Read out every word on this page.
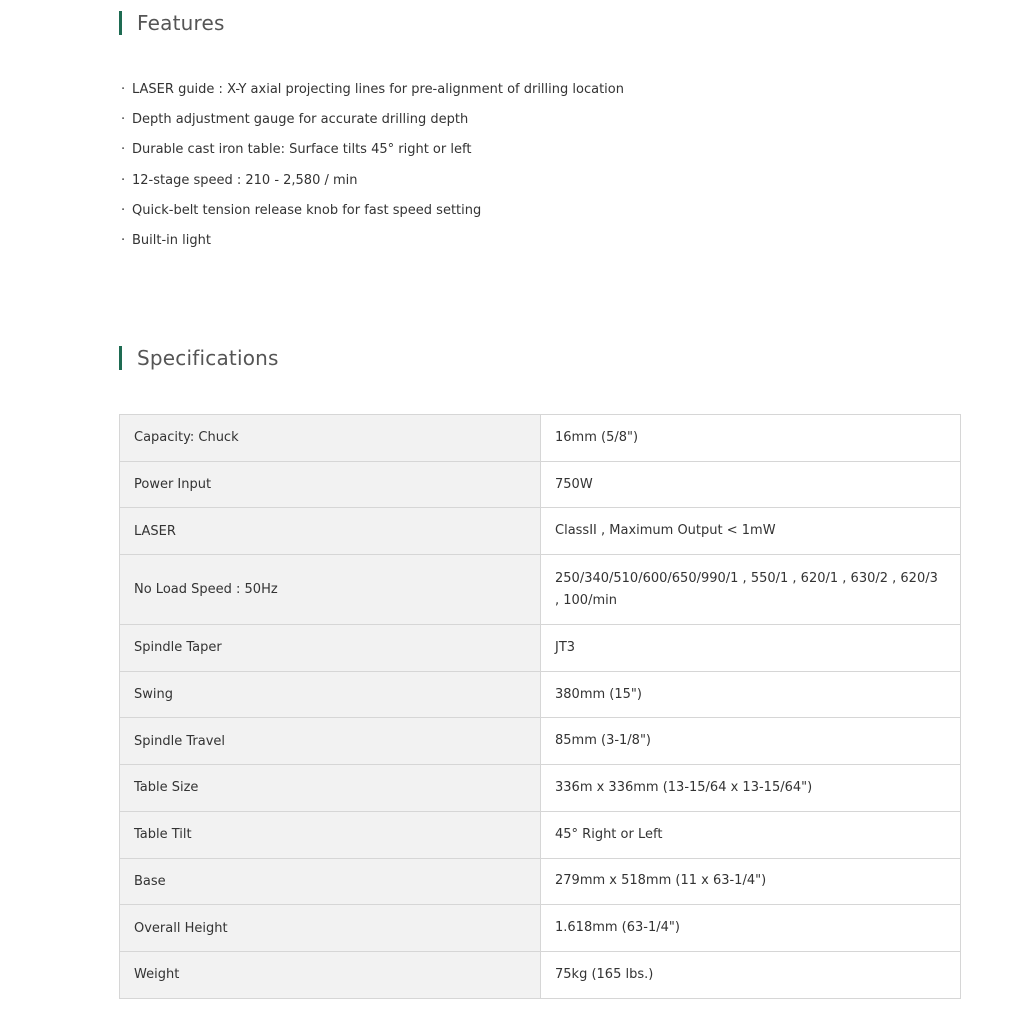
Features
· LASER guide : X-Y axial projecting lines for pre-alignment of drilling location
· Depth adjustment gauge for accurate drilling depth
· Durable cast iron table: Surface tilts 45° right or left
· 12-stage speed : 210 - 2,580 / min
· Quick-belt tension release knob for fast speed setting
· Built-in light
Specifications
Capacity: Chuck	16mm (5/8")
Power Input	750W
LASER	ClassII , Maximum Output < 1mW
No Load Speed : 50Hz	250/340/510/600/650/990/1 , 550/1 , 620/1 , 630/2 , 620/3 , 100/min
Spindle Taper	JT3
Swing	380mm (15")
Spindle Travel	85mm (3-1/8")
Table Size	336m x 336mm (13-15/64 x 13-15/64")
Table Tilt	45° Right or Left
Base	279mm x 518mm (11 x 63-1/4")
Overall Height	1.618mm (63-1/4")
Weight	75kg (165 lbs.)
